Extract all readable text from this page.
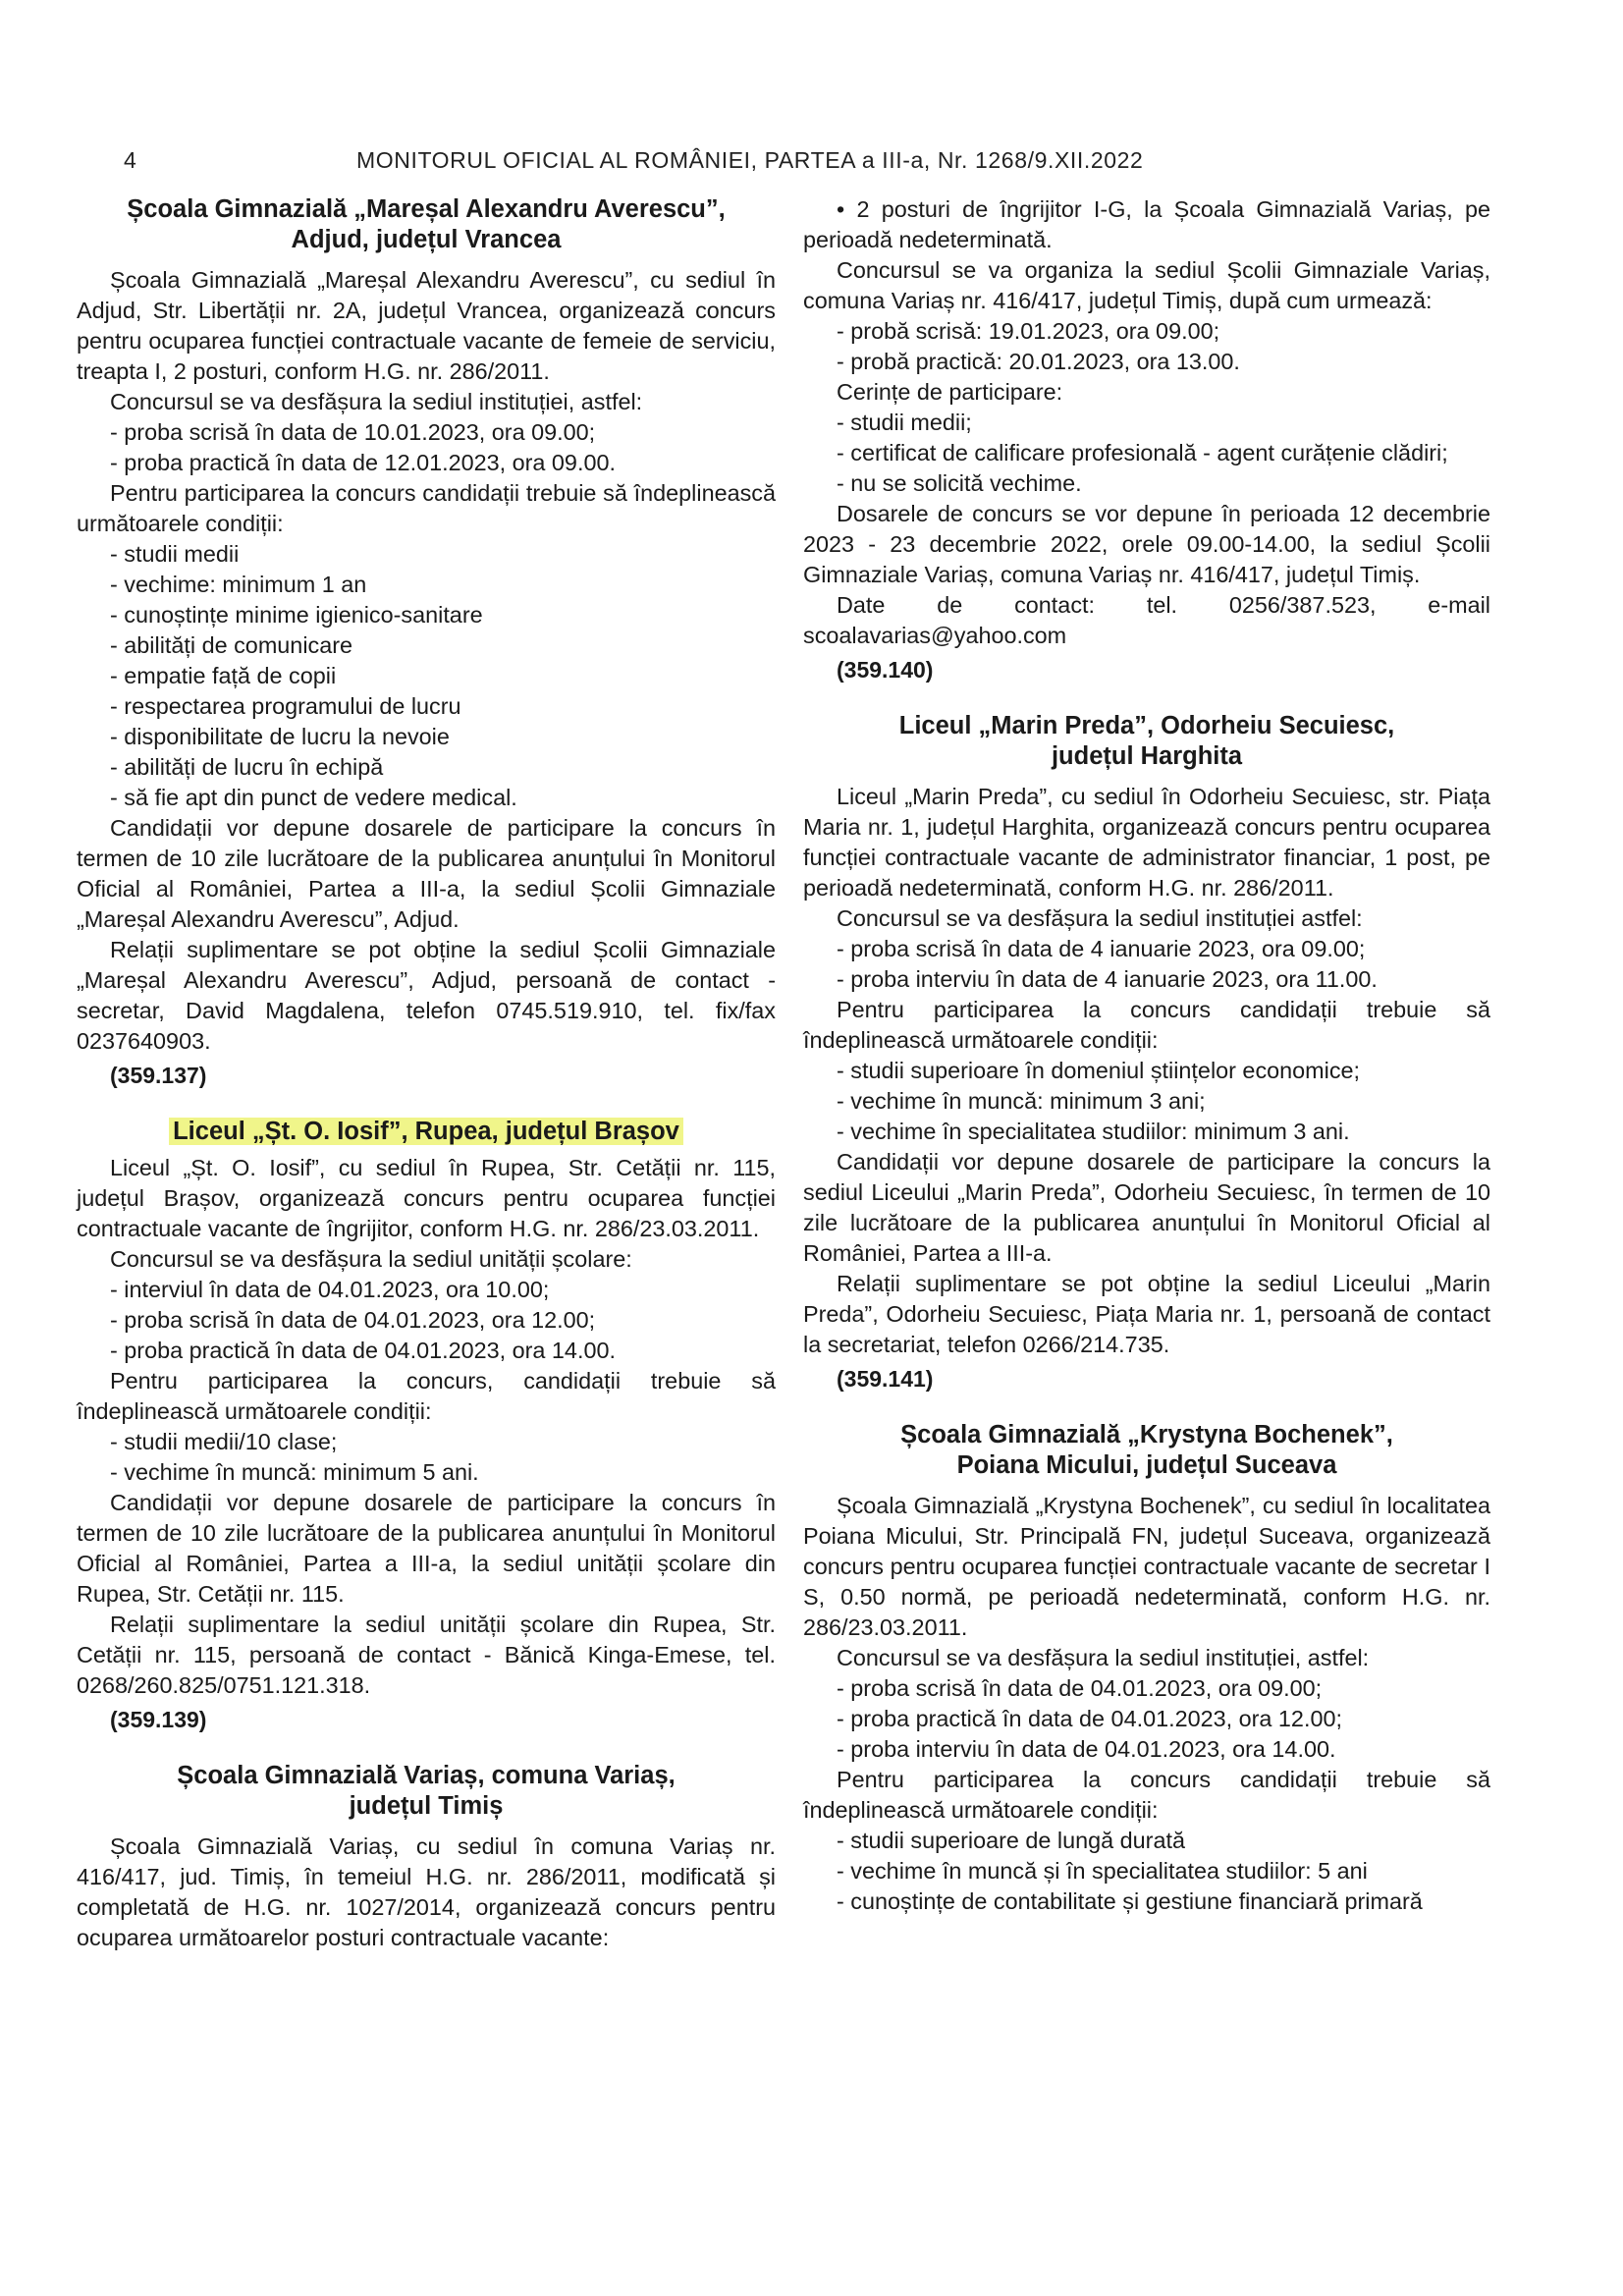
4	MONITORUL OFICIAL AL ROMÂNIEI, PARTEA a III-a, Nr. 1268/9.XII.2022
Școala Gimnazială „Mareșal Alexandru Averescu”,
Adjud, județul Vrancea

Școala Gimnazială „Mareșal Alexandru Averescu”, cu sediul în Adjud, Str. Libertății nr. 2A, județul Vrancea, organizează concurs pentru ocuparea funcției contractuale vacante de femeie de serviciu, treapta I, 2 posturi, conform H.G. nr. 286/2011.

Concursul se va desfășura la sediul instituției, astfel:

- proba scrisă în data de 10.01.2023, ora 09.00;

- proba practică în data de 12.01.2023, ora 09.00.

Pentru participarea la concurs candidații trebuie să îndeplinească următoarele condiții:

- studii medii

- vechime: minimum 1 an

- cunoștințe minime igienico-sanitare

- abilități de comunicare

- empatie față de copii

- respectarea programului de lucru

- disponibilitate de lucru la nevoie

- abilități de lucru în echipă

- să fie apt din punct de vedere medical.

Candidații vor depune dosarele de participare la concurs în termen de 10 zile lucrătoare de la publicarea anunțului în Monitorul Oficial al României, Partea a III-a, la sediul Școlii Gimnaziale „Mareșal Alexandru Averescu”, Adjud.

Relații suplimentare se pot obține la sediul Școlii Gimnaziale „Mareșal Alexandru Averescu”, Adjud, persoană de contact - secretar, David Magdalena, telefon 0745.519.910, tel. fix/fax 0237640903.

(359.137)
Liceul „Șt. O. Iosif”, Rupea, județul Brașov

Liceul „Șt. O. Iosif”, cu sediul în Rupea, Str. Cetății nr. 115, județul Brașov, organizează concurs pentru ocuparea funcției contractuale vacante de îngrijitor, conform H.G. nr. 286/23.03.2011.

Concursul se va desfășura la sediul unității școlare:

- interviul în data de 04.01.2023, ora 10.00;

- proba scrisă în data de 04.01.2023, ora 12.00;

- proba practică în data de 04.01.2023, ora 14.00.

Pentru participarea la concurs, candidații trebuie să îndeplinească următoarele condiții:

- studii medii/10 clase;

- vechime în muncă: minimum 5 ani.

Candidații vor depune dosarele de participare la concurs în termen de 10 zile lucrătoare de la publicarea anunțului în Monitorul Oficial al României, Partea a III-a, la sediul unității școlare din Rupea, Str. Cetății nr. 115.

Relații suplimentare la sediul unității școlare din Rupea, Str. Cetății nr. 115, persoană de contact - Bănică Kinga-Emese, tel. 0268/260.825/0751.121.318.

(359.139)
Școala Gimnazială Variaș, comuna Variaș,
județul Timiș

Școala Gimnazială Variaș, cu sediul în comuna Variaș nr. 416/417, jud. Timiș, în temeiul H.G. nr. 286/2011, modificată și completată de H.G. nr. 1027/2014, organizează concurs pentru ocuparea următoarelor posturi contractuale vacante:

• 2 posturi de îngrijitor I-G, la Școala Gimnazială Variaș, pe perioadă nedeterminată.

Concursul se va organiza la sediul Școlii Gimnaziale Variaș, comuna Variaș nr. 416/417, județul Timiș, după cum urmează:

- probă scrisă: 19.01.2023, ora 09.00;

- probă practică: 20.01.2023, ora 13.00.

Cerințe de participare:

- studii medii;

- certificat de calificare profesională - agent curățenie clădiri;

- nu se solicită vechime.

Dosarele de concurs se vor depune în perioada 12 decembrie 2023 - 23 decembrie 2022, orele 09.00-14.00, la sediul Școlii Gimnaziale Variaș, comuna Variaș nr. 416/417, județul Timiș.

Date de contact: tel. 0256/387.523, e-mail scoalavarias@yahoo.com

(359.140)
Liceul „Marin Preda”, Odorheiu Secuiesc,
județul Harghita

Liceul „Marin Preda”, cu sediul în Odorheiu Secuiesc, str. Piața Maria nr. 1, județul Harghita, organizează concurs pentru ocuparea funcției contractuale vacante de administrator financiar, 1 post, pe perioadă nedeterminată, conform H.G. nr. 286/2011.

Concursul se va desfășura la sediul instituției astfel:

- proba scrisă în data de 4 ianuarie 2023, ora 09.00;

- proba interviu în data de 4 ianuarie 2023, ora 11.00.

Pentru participarea la concurs candidații trebuie să îndeplinească următoarele condiții:

- studii superioare în domeniul științelor economice;

- vechime în muncă: minimum 3 ani;

- vechime în specialitatea studiilor: minimum 3 ani.

Candidații vor depune dosarele de participare la concurs la sediul Liceului „Marin Preda”, Odorheiu Secuiesc, în termen de 10 zile lucrătoare de la publicarea anunțului în Monitorul Oficial al României, Partea a III-a.

Relații suplimentare se pot obține la sediul Liceului „Marin Preda”, Odorheiu Secuiesc, Piața Maria nr. 1, persoană de contact la secretariat, telefon 0266/214.735.

(359.141)
Școala Gimnazială „Krystyna Bochenek”,
Poiana Micului, județul Suceava

Școala Gimnazială „Krystyna Bochenek”, cu sediul în localitatea Poiana Micului, Str. Principală FN, județul Suceava, organizează concurs pentru ocuparea funcției contractuale vacante de secretar I S, 0.50 normă, pe perioadă nedeterminată, conform H.G. nr. 286/23.03.2011.

Concursul se va desfășura la sediul instituției, astfel:

- proba scrisă în data de 04.01.2023, ora 09.00;

- proba practică în data de 04.01.2023, ora 12.00;

- proba interviu în data de 04.01.2023, ora 14.00.

Pentru participarea la concurs candidații trebuie să îndeplinească următoarele condiții:

- studii superioare de lungă durată

- vechime în muncă și în specialitatea studiilor: 5 ani

- cunoștințe de contabilitate și gestiune financiară primară
